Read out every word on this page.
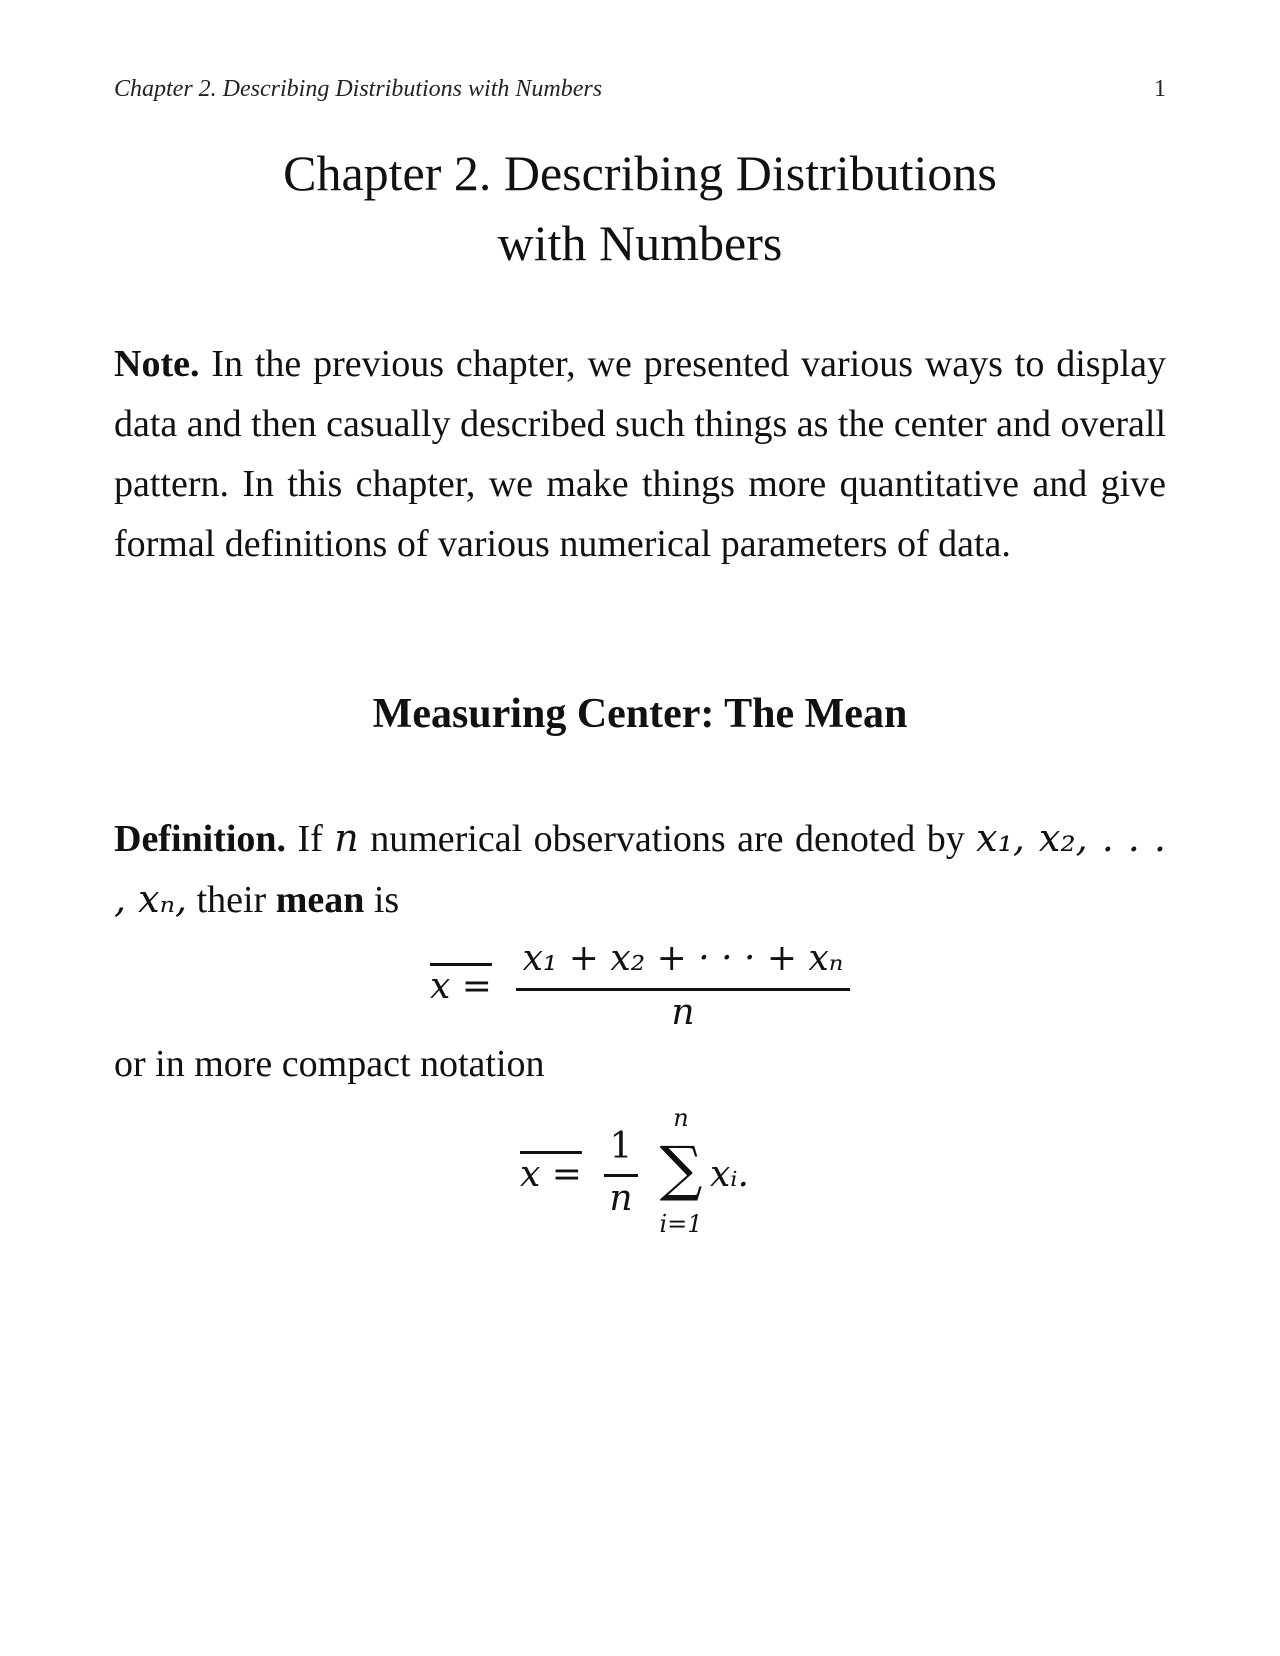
Chapter 2. Describing Distributions with Numbers	1
Chapter 2. Describing Distributions
with Numbers
Note. In the previous chapter, we presented various ways to display data and then casually described such things as the center and overall pattern. In this chapter, we make things more quantitative and give formal definitions of various numerical parameters of data.
Measuring Center: The Mean
Definition. If n numerical observations are denoted by x₁, x₂, . . . , xₙ, their mean is
x =
x₁ + x₂ + · · · + xₙ
n
or in more compact notation
x =
1
n
n
∑
i=1
xᵢ.
